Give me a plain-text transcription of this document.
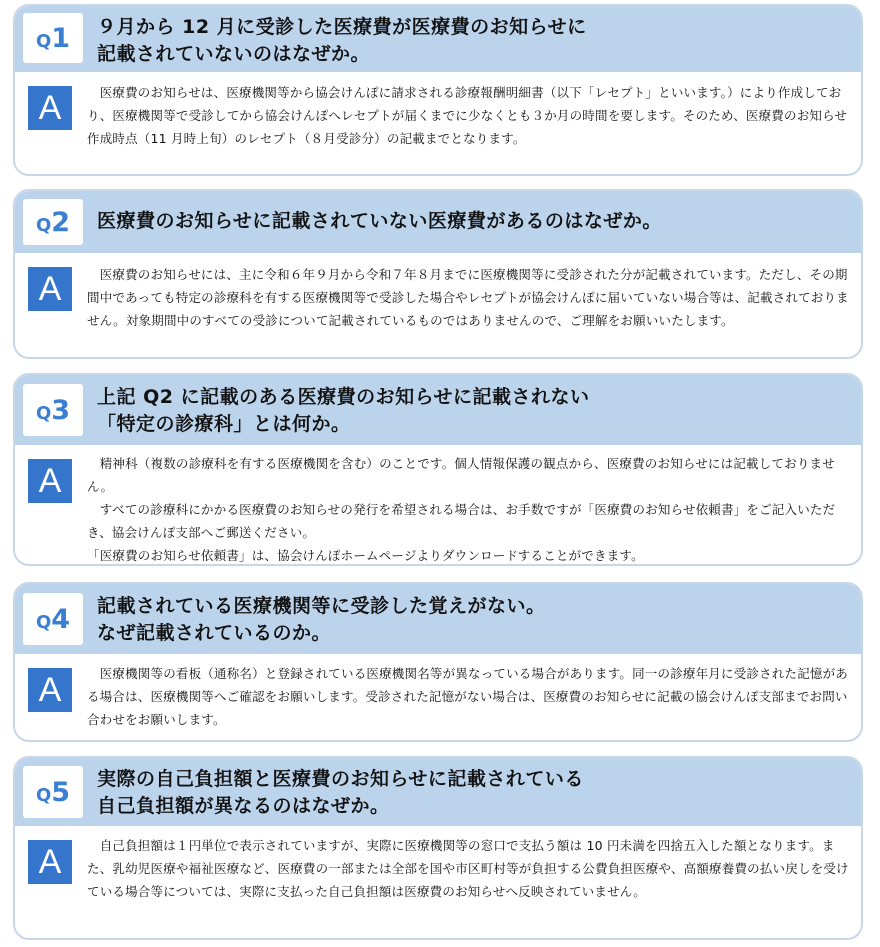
Q 1 ９月から 12 月に受診した医療費が医療費のお知らせに
記載されていないのはなぜか。
A	　医療費のお知らせは、医療機関等から協会けんぽに請求される診療報酬明細書（以下「レセプト」といいます。）により作成しており、医療機関等で受診してから協会けんぽへレセプトが届くまでに少なくとも３か月の時間を要します。そのため、医療費のお知らせ作成時点（11 月時上旬）のレセプト（８月受診分）の記載までとなります。

Q 2 医療費のお知らせに記載されていない医療費があるのはなぜか。
A	　医療費のお知らせには、主に令和６年９月から令和７年８月までに医療機関等に受診された分が記載されています。ただし、その期間中であっても特定の診療科を有する医療機関等で受診した場合やレセプトが協会けんぽに届いていない場合等は、記載されておりません。対象期間中のすべての受診について記載されているものではありませんので、ご理解をお願いいたします。

Q 3 上記 Q2 に記載のある医療費のお知らせに記載されない
「特定の診療科」とは何か。
A	　精神科（複数の診療科を有する医療機関を含む）のことです。個人情報保護の観点から、医療費のお知らせには記載しておりません。

　すべての診療科にかかる医療費のお知らせの発行を希望される場合は、お手数ですが「医療費のお知らせ依頼書」をご記入いただき、協会けんぽ支部へご郵送ください。

「医療費のお知らせ依頼書」は、協会けんぽホームページよりダウンロードすることができます。

Q 4 記載されている医療機関等に受診した覚えがない。
なぜ記載されているのか。
A	　医療機関等の看板（通称名）と登録されている医療機関名等が異なっている場合があります。同一の診療年月に受診された記憶がある場合は、医療機関等へご確認をお願いします。受診された記憶がない場合は、医療費のお知らせに記載の協会けんぽ支部までお問い合わせをお願いします。

Q 5 実際の自己負担額と医療費のお知らせに記載されている
自己負担額が異なるのはなぜか。
A	　自己負担額は１円単位で表示されていますが、実際に医療機関等の窓口で支払う額は 10 円未満を四捨五入した額となります。また、乳幼児医療や福祉医療など、医療費の一部または全部を国や市区町村等が負担する公費負担医療や、高額療養費の払い戻しを受けている場合等については、実際に支払った自己負担額は医療費のお知らせへ反映されていません。
